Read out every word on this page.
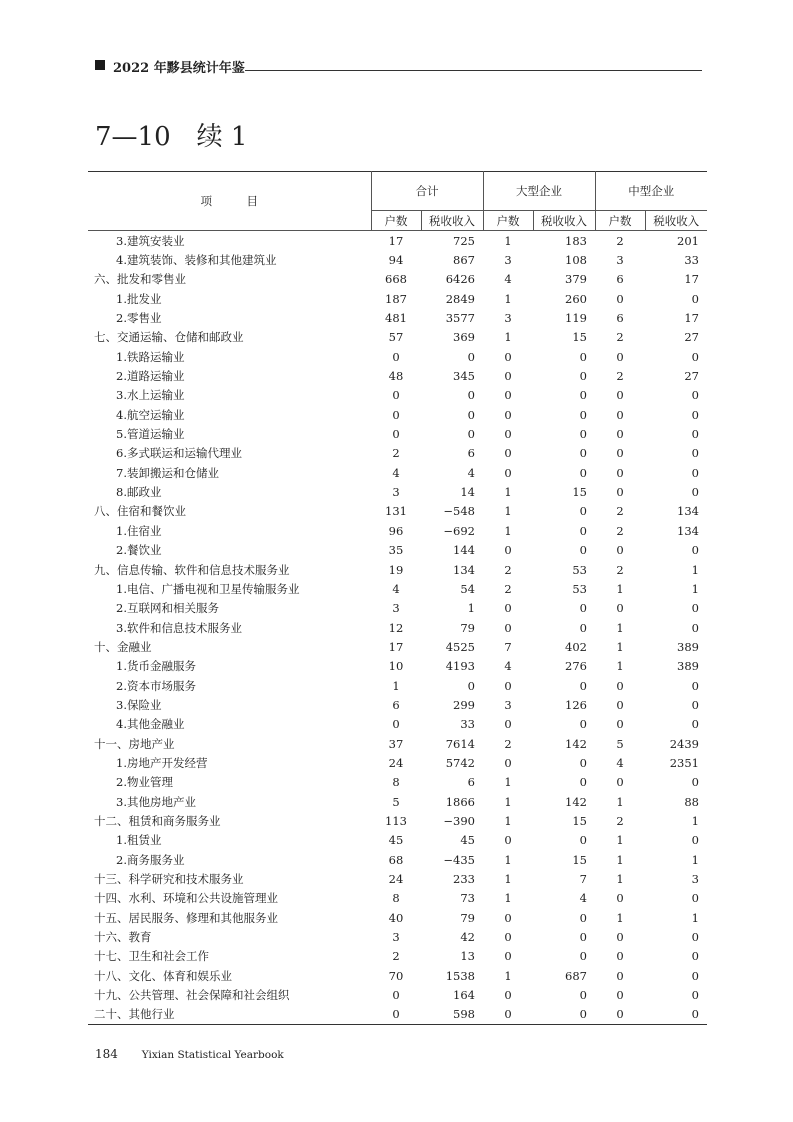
2022 年黟县统计年鉴
7—10　续 1
项　　　目	合计		大型企业		中型企业	
	户数	税收收入	户数	税收收入	户数	税收收入
3.建筑安装业	17	725	1	183	2	201
4.建筑装饰、装修和其他建筑业	94	867	3	108	3	33
六、批发和零售业	668	6426	4	379	6	17
1.批发业	187	2849	1	260	0	0
2.零售业	481	3577	3	119	6	17
七、交通运输、仓储和邮政业	57	369	1	15	2	27
1.铁路运输业	0	0	0	0	0	0
2.道路运输业	48	345	0	0	2	27
3.水上运输业	0	0	0	0	0	0
4.航空运输业	0	0	0	0	0	0
5.管道运输业	0	0	0	0	0	0
6.多式联运和运输代理业	2	6	0	0	0	0
7.装卸搬运和仓储业	4	4	0	0	0	0
8.邮政业	3	14	1	15	0	0
八、住宿和餐饮业	131	−548	1	0	2	134
1.住宿业	96	−692	1	0	2	134
2.餐饮业	35	144	0	0	0	0
九、信息传输、软件和信息技术服务业	19	134	2	53	2	1
1.电信、广播电视和卫星传输服务业	4	54	2	53	1	1
2.互联网和相关服务	3	1	0	0	0	0
3.软件和信息技术服务业	12	79	0	0	1	0
十、金融业	17	4525	7	402	1	389
1.货币金融服务	10	4193	4	276	1	389
2.资本市场服务	1	0	0	0	0	0
3.保险业	6	299	3	126	0	0
4.其他金融业	0	33	0	0	0	0
十一、房地产业	37	7614	2	142	5	2439
1.房地产开发经营	24	5742	0	0	4	2351
2.物业管理	8	6	1	0	0	0
3.其他房地产业	5	1866	1	142	1	88
十二、租赁和商务服务业	113	−390	1	15	2	1
1.租赁业	45	45	0	0	1	0
2.商务服务业	68	−435	1	15	1	1
十三、科学研究和技术服务业	24	233	1	7	1	3
十四、水利、环境和公共设施管理业	8	73	1	4	0	0
十五、居民服务、修理和其他服务业	40	79	0	0	1	1
十六、教育	3	42	0	0	0	0
十七、卫生和社会工作	2	13	0	0	0	0
十八、文化、体育和娱乐业	70	1538	1	687	0	0
十九、公共管理、社会保障和社会组织	0	164	0	0	0	0
二十、其他行业	0	598	0	0	0	0
184 Yixian Statistical Yearbook
